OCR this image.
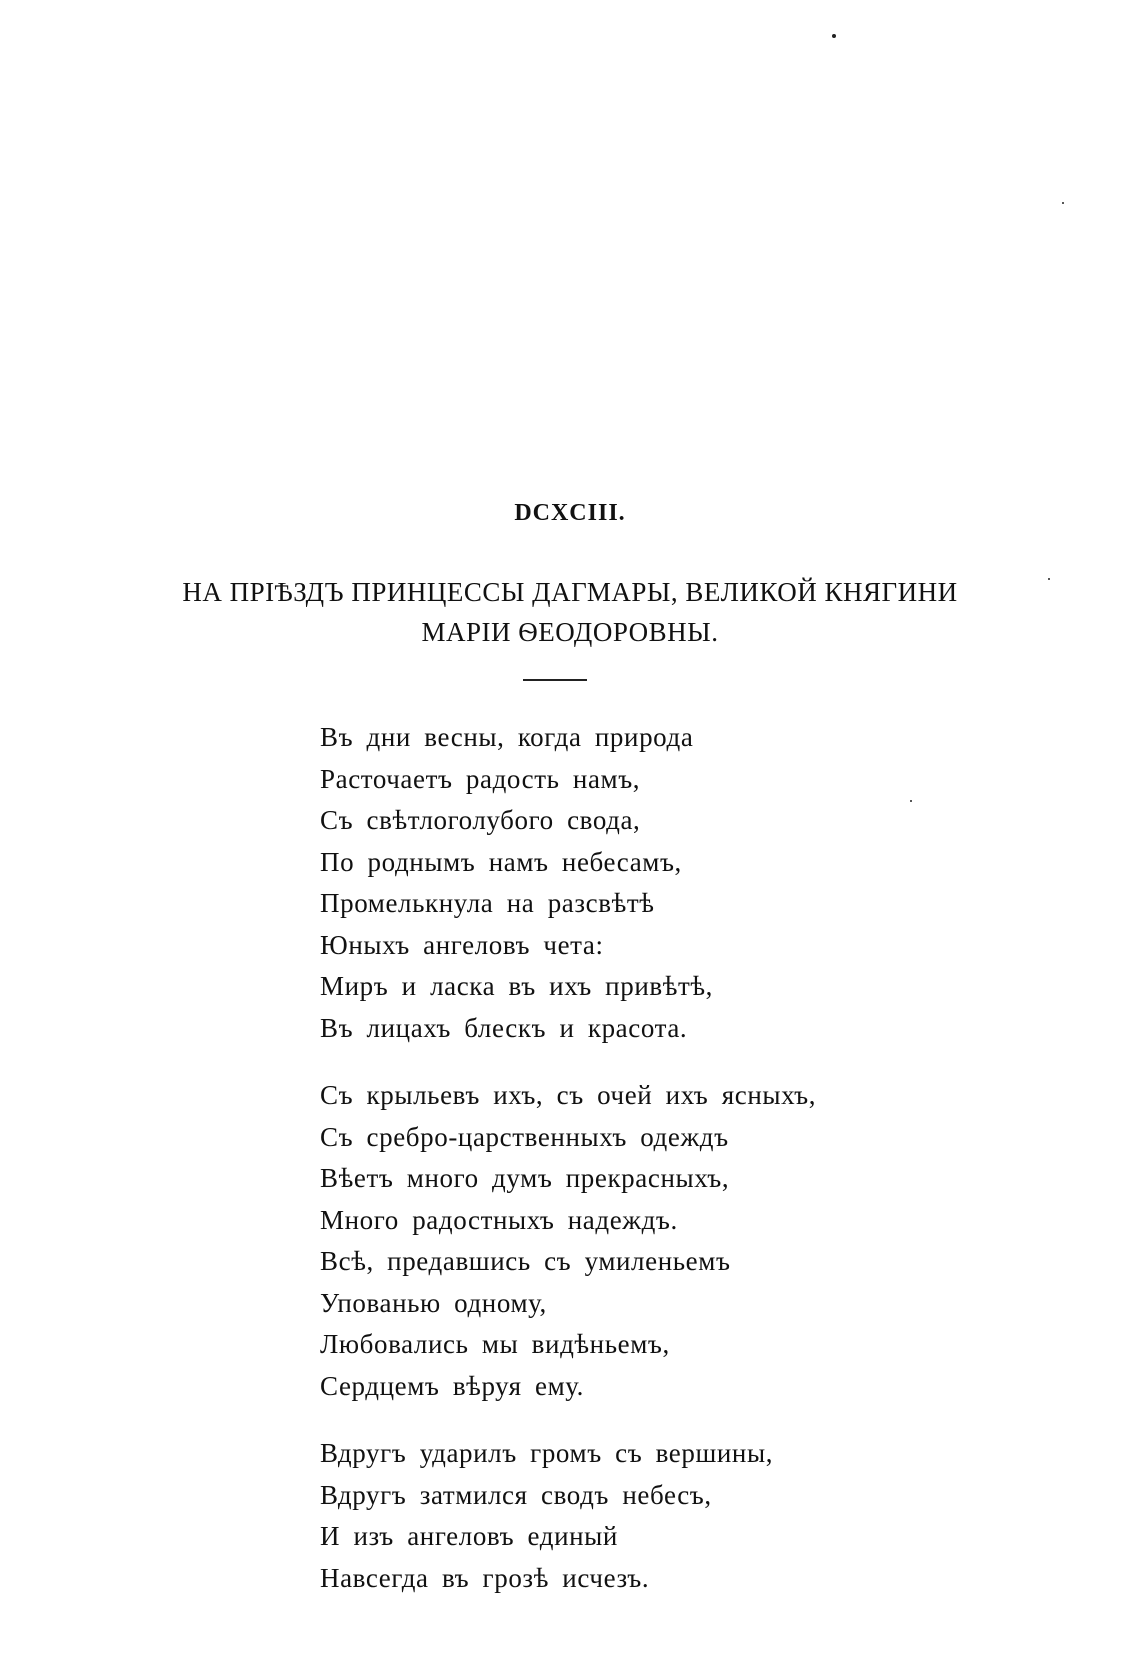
DCXCIII.
НА ПРІѢЗДЪ ПРИНЦЕССЫ ДАГМАРЫ, ВЕЛИКОЙ КНЯГИНИ
МАРІИ ѲЕОДОРОВНЫ.
Въ дни весны, когда природа
Расточаетъ радость намъ,
Съ свѣтлоголубого свода,
По роднымъ намъ небесамъ,
Промелькнула на разсвѣтѣ
Юныхъ ангеловъ чета:
Миръ и ласка въ ихъ привѣтѣ,
Въ лицахъ блескъ и красота.
Съ крыльевъ ихъ, съ очей ихъ ясныхъ,
Съ сребро-царственныхъ одеждъ
Вѣетъ много думъ прекрасныхъ,
Много радостныхъ надеждъ.
Всѣ, предавшись съ умиленьемъ
Упованью одному,
Любовались мы видѣньемъ,
Сердцемъ вѣруя ему.
Вдругъ ударилъ громъ съ вершины,
Вдругъ затмился сводъ небесъ,
И изъ ангеловъ единый
Навсегда въ грозѣ исчезъ.
